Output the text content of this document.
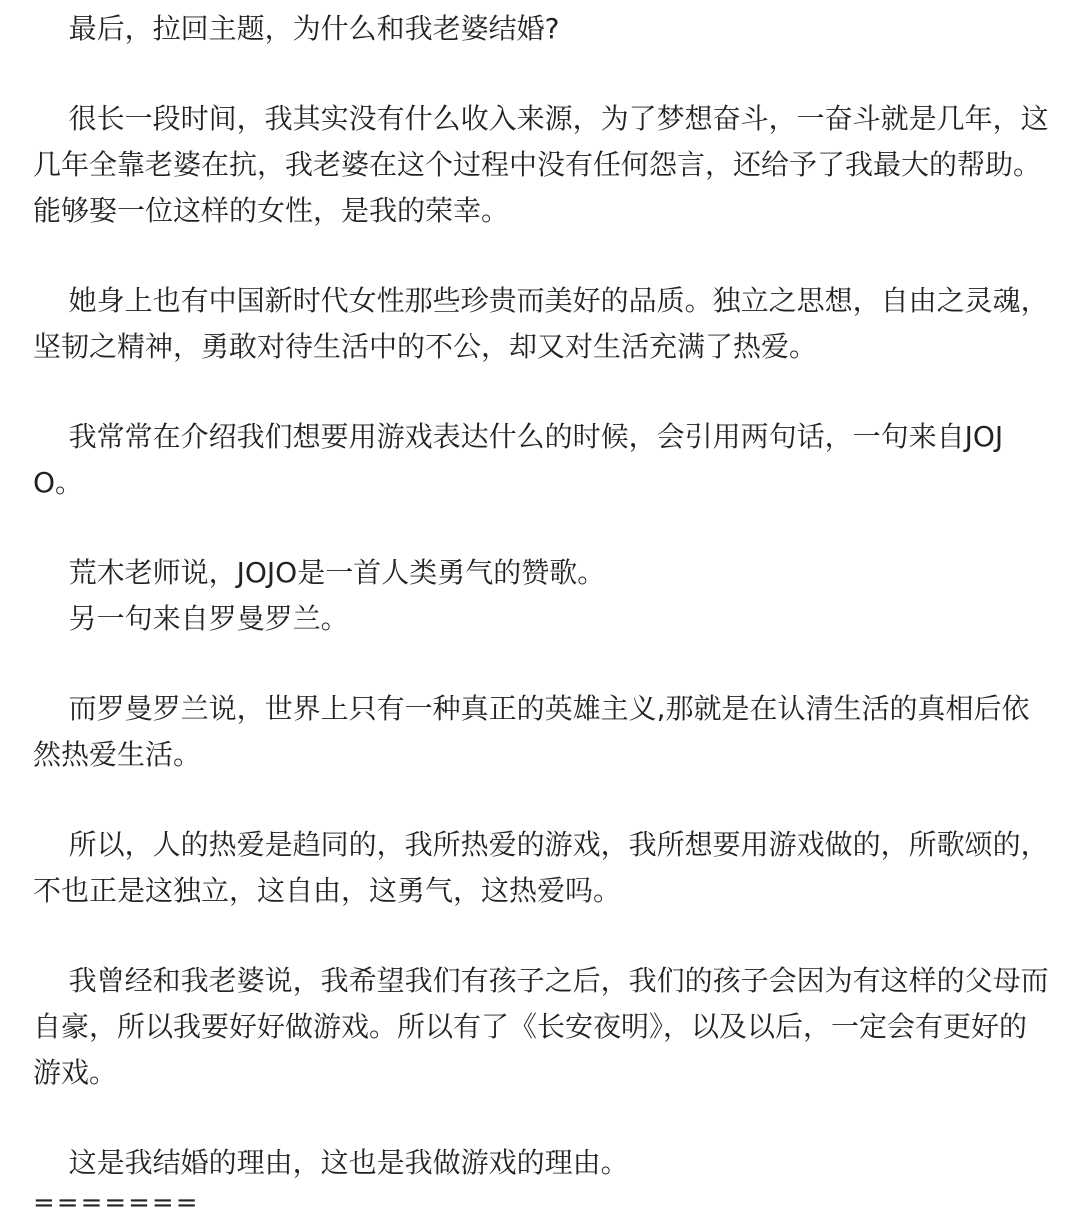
最后，拉回主题，为什么和我老婆结婚?

很长一段时间，我其实没有什么收入来源，为了梦想奋斗，一奋斗就是几年，这几年全靠老婆在抗，我老婆在这个过程中没有任何怨言，还给予了我最大的帮助。能够娶一位这样的女性，是我的荣幸。

她身上也有中国新时代女性那些珍贵而美好的品质。独立之思想，自由之灵魂，坚韧之精神，勇敢对待生活中的不公，却又对生活充满了热爱。

我常常在介绍我们想要用游戏表达什么的时候，会引用两句话，一句来自JOJO。

荒木老师说，JOJO是一首人类勇气的赞歌。

另一句来自罗曼罗兰。

而罗曼罗兰说，世界上只有一种真正的英雄主义,那就是在认清生活的真相后依然热爱生活。

所以，人的热爱是趋同的，我所热爱的游戏，我所想要用游戏做的，所歌颂的，不也正是这独立，这自由，这勇气，这热爱吗。

我曾经和我老婆说，我希望我们有孩子之后，我们的孩子会因为有这样的父母而自豪，所以我要好好做游戏。所以有了《长安夜明》，以及以后，一定会有更好的游戏。

这是我结婚的理由，这也是我做游戏的理由。

=======
